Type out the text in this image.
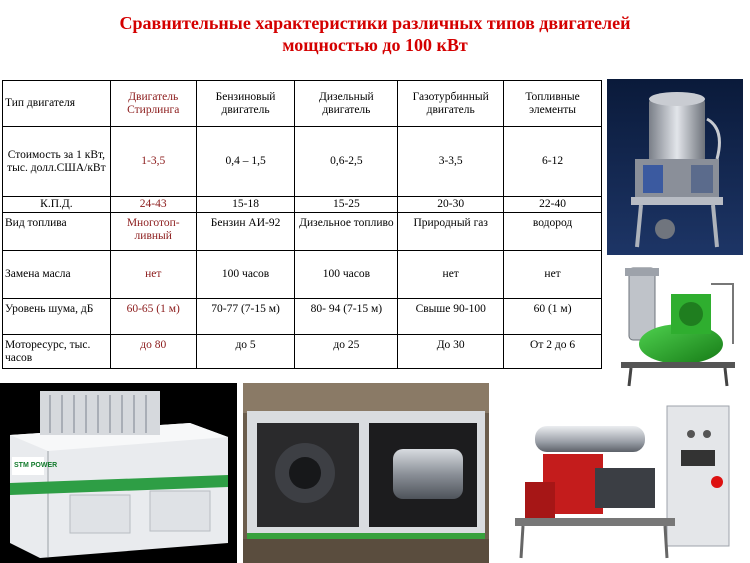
Сравнительные характеристики различных типов двигателей
мощностью до 100 кВт
Тип двигателя	Двигатель Стирлинга	Бензиновый двигатель	Дизельный двигатель	Газотурбинный двигатель	Топливные элементы
Стоимость за 1 кВт, тыс. долл.США/кВт	1-3,5	0,4 – 1,5	0,6-2,5	3-3,5	6-12
К.П.Д.	24-43	15-18	15-25	20-30	22-40
Вид топлива	Многотоп-ливный	Бензин АИ-92	Дизельное топливо	Природный газ	водород
Замена масла	нет	100 часов	100 часов	нет	нет
Уровень шума, дБ	60-65 (1 м)	70-77 (7-15 м)	80- 94 (7-15 м)	Свыше 90-100	60 (1 м)
Моторесурс, тыс. часов	до 80	до 5	до 25	До 30	От 2 до 6
STM POWER
